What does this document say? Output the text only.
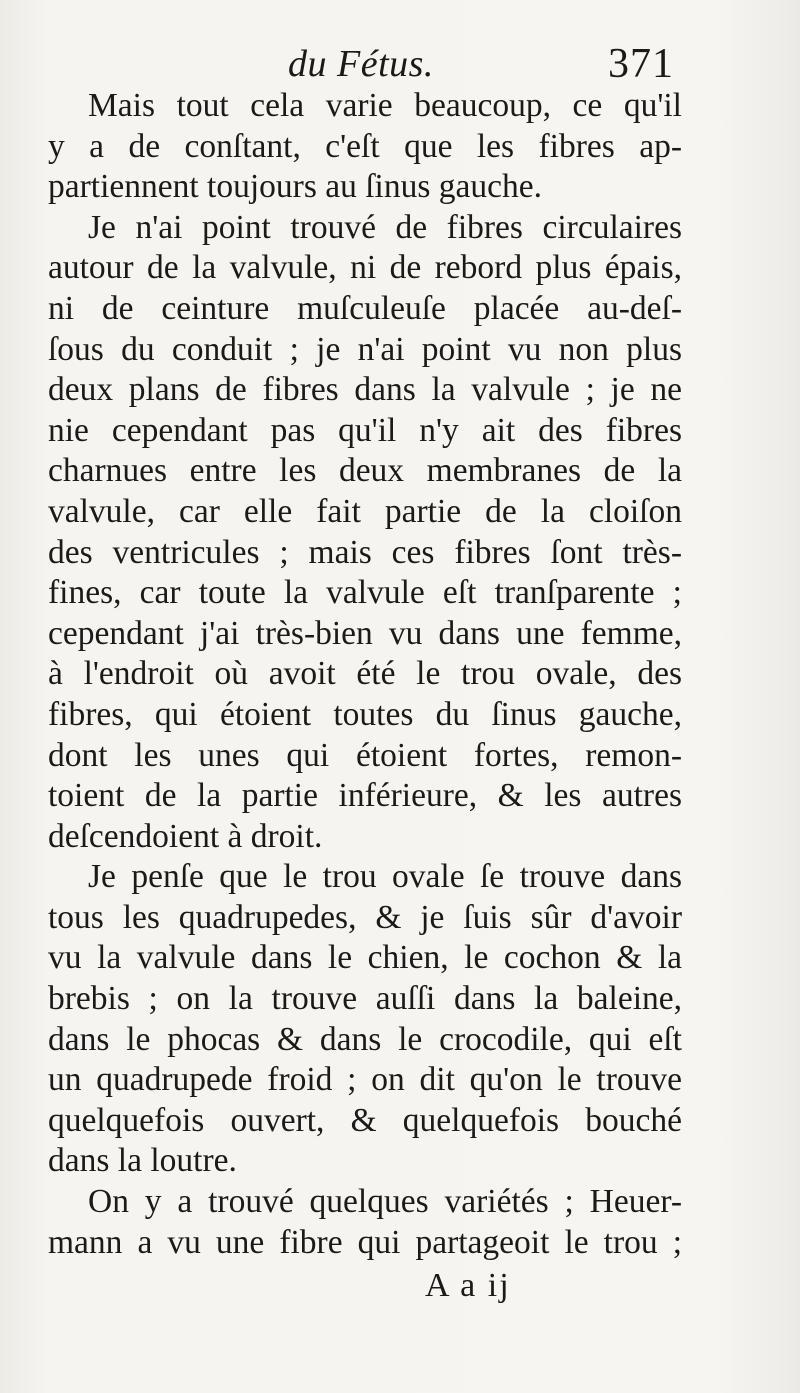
du Fétus.	371

Mais tout cela varie beaucoup, ce qu'il
y a de conſtant, c'eſt que les fibres ap-
partiennent toujours au ſinus gauche.

Je n'ai point trouvé de fibres circulaires
autour de la valvule, ni de rebord plus épais,
ni de ceinture muſculeuſe placée au-deſ-
ſous du conduit ; je n'ai point vu non plus
deux plans de fibres dans la valvule ; je ne
nie cependant pas qu'il n'y ait des fibres
charnues entre les deux membranes de la
valvule, car elle fait partie de la cloiſon
des ventricules ; mais ces fibres ſont très-
fines, car toute la valvule eſt tranſparente ;
cependant j'ai très-bien vu dans une femme,
à l'endroit où avoit été le trou ovale, des
fibres, qui étoient toutes du ſinus gauche,
dont les unes qui étoient fortes, remon-
toient de la partie inférieure, & les autres
deſcendoient à droit.

Je penſe que le trou ovale ſe trouve dans
tous les quadrupedes, & je ſuis sûr d'avoir
vu la valvule dans le chien, le cochon & la
brebis ; on la trouve auſſi dans la baleine,
dans le phocas & dans le crocodile, qui eſt
un quadrupede froid ; on dit qu'on le trouve
quelquefois ouvert, & quelquefois bouché
dans la loutre.

On y a trouvé quelques variétés ; Heuer-
mann a vu une fibre qui partageoit le trou ;

A a ij
